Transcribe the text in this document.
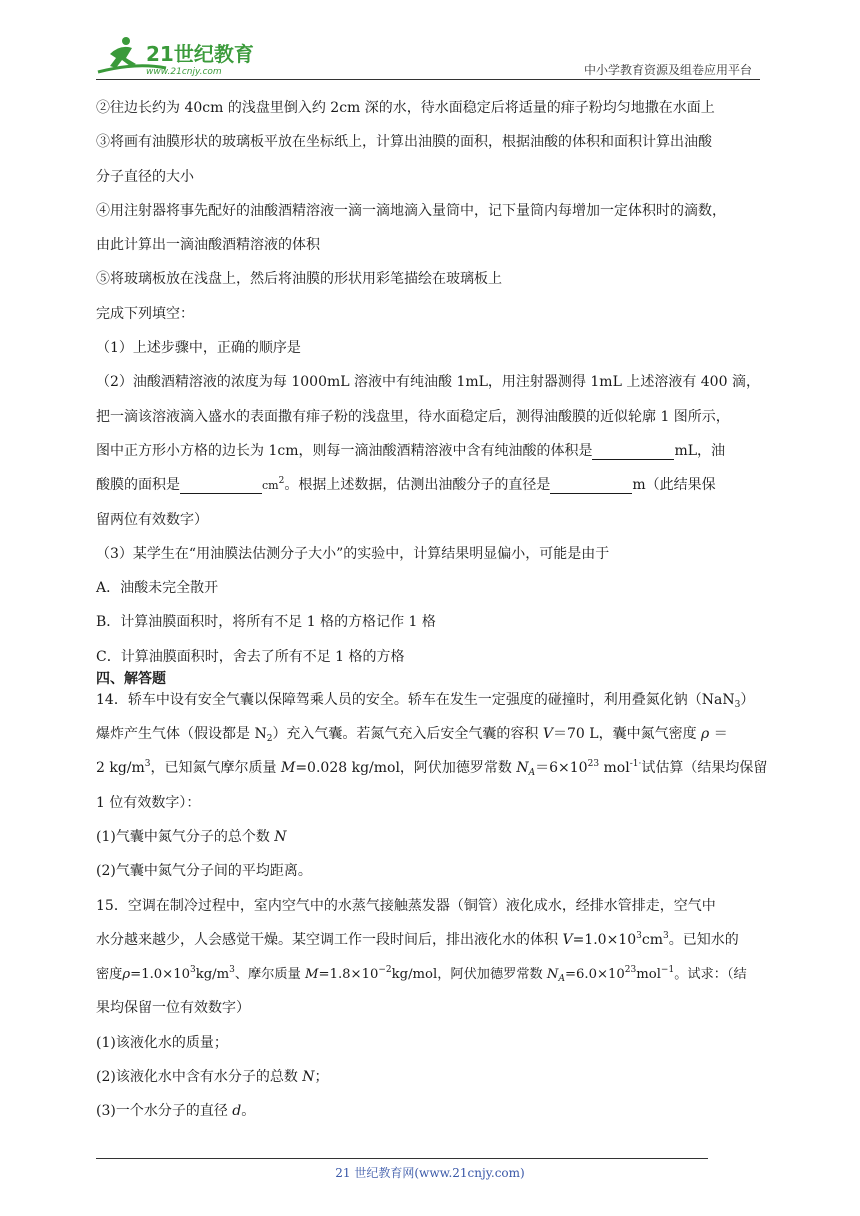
21世纪教育
www.21cnjy.com	中小学教育资源及组卷应用平台
②往边长约为 40cm 的浅盘里倒入约 2cm 深的水，待水面稳定后将适量的痱子粉均匀地撒在水面上
③将画有油膜形状的玻璃板平放在坐标纸上，计算出油膜的面积，根据油酸的体积和面积计算出油酸
分子直径的大小
④用注射器将事先配好的油酸酒精溶液一滴一滴地滴入量筒中，记下量筒内每增加一定体积时的滴数，
由此计算出一滴油酸酒精溶液的体积
⑤将玻璃板放在浅盘上，然后将油膜的形状用彩笔描绘在玻璃板上
完成下列填空：
（1）上述步骤中，正确的顺序是
（2）油酸酒精溶液的浓度为每 1000mL 溶液中有纯油酸 1mL，用注射器测得 1mL 上述溶液有 400 滴，
把一滴该溶液滴入盛水的表面撒有痱子粉的浅盘里，待水面稳定后，测得油酸膜的近似轮廓 1 图所示，
图中正方形小方格的边长为 1cm，则每一滴油酸酒精溶液中含有纯油酸的体积是	mL，油
酸膜的面积是	$cm^2$。根据上述数据，估测出油酸分子的直径是	m（此结果保
留两位有效数字）
（3）某学生在“用油膜法估测分子大小”的实验中，计算结果明显偏小，可能是由于
A．油酸未完全散开
B．计算油膜面积时，将所有不足 1 格的方格记作 1 格
C．计算油膜面积时，舍去了所有不足 1 格的方格
四、解答题
14．轿车中设有安全气囊以保障驾乘人员的安全。轿车在发生一定强度的碰撞时，利用叠氮化钠（NaN$_3$）
爆炸产生气体（假设都是 $N_2$）充入气囊。若氮气充入后安全气囊的容积 V＝70 L，囊中氮气密度 ρ ＝
2 $kg/m^3$，已知氮气摩尔质量 M=0.028 kg/mol，阿伏加德罗常数 $N_A=6\times 10^{23}$ mol$^{-1\cdot}$试估算（结果均保留
1 位有效数字）：
(1)气囊中氮气分子的总个数 N
(2)气囊中氮气分子间的平均距离。
15．空调在制冷过程中，室内空气中的水蒸气接触蒸发器（铜管）液化成水，经排水管排走，空气中
水分越来越少，人会感觉干燥。某空调工作一段时间后，排出液化水的体积 $V=1.0\times 10^3cm^3$。已知水的
密度$\rho=1.0\times 10^3kg/m^3$、摩尔质量 $M=1.8\times 10^{-2}kg$/mol，阿伏加德罗常数 $N_A=6.0\times 10^{23}mol^{-1}$。试求：（结
果均保留一位有效数字）
(1)该液化水的质量；
(2)该液化水中含有水分子的总数 N；
(3)一个水分子的直径 d。
21 世纪教育网(www.21cnjy.com)
